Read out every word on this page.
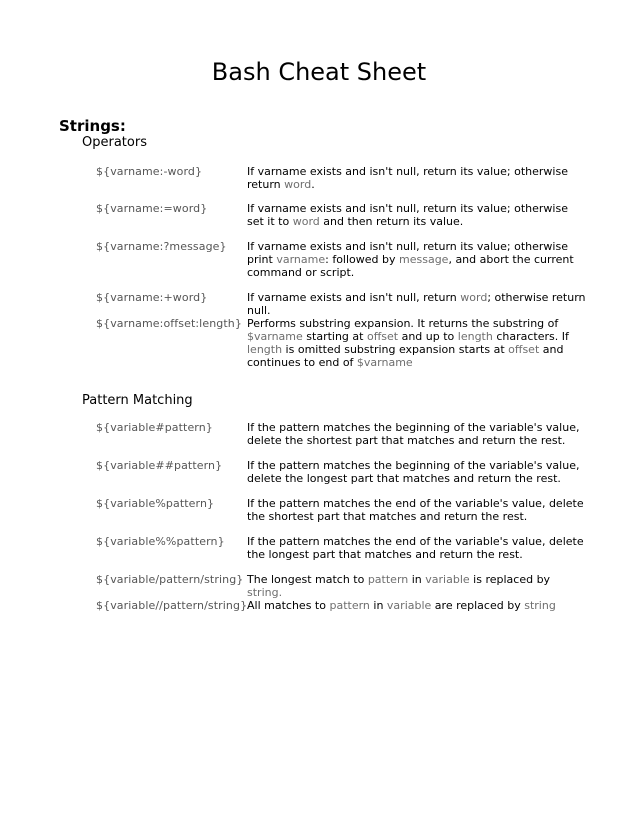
Bash Cheat Sheet
Strings:
Operators
${varname:-word}	If varname exists and isn't null, return its value; otherwise return word.
${varname:=word}	If varname exists and isn't null, return its value; otherwise set it to word and then return its value.
${varname:?message} If varname exists and isn't null, return its value; otherwise print varname: followed by message, and abort the current command or script.
${varname:+word}	If varname exists and isn't null, return word; otherwise return null.
${varname:offset:length} Performs substring expansion. It returns the substring of $varname starting at offset and up to length characters. If length is omitted substring expansion starts at offset and continues to end of $varname
Pattern Matching
${variable#pattern}	If the pattern matches the beginning of the variable's value, delete the shortest part that matches and return the rest.
${variable##pattern} If the pattern matches the beginning of the variable's value, delete the longest part that matches and return the rest.
${variable%pattern}	If the pattern matches the end of the variable's value, delete the shortest part that matches and return the rest.
${variable%%pattern} If the pattern matches the end of the variable's value, delete the longest part that matches and return the rest.
${variable/pattern/string} The longest match to pattern in variable is replaced by string.
${variable//pattern/string} All matches to pattern in variable are replaced by string
